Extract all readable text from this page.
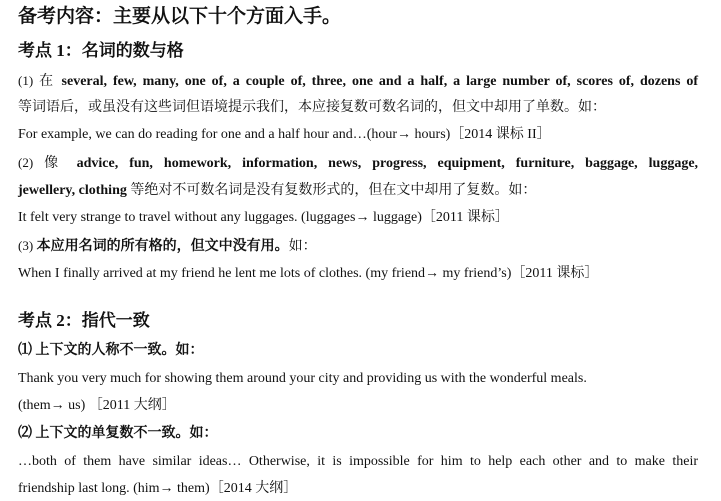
备考内容：主要从以下十个方面入手。
考点 1：名词的数与格
(1) 在 several, few, many, one of, a couple of, three, one and a half, a large number of, scores of, dozens of
等词语后，或虽没有这些词但语境提示我们，本应接复数可数名词的，但文中却用了单数。如：
For example, we can do reading for one and a half hour and…(hour→ hours)［2014 课标 II］
(2) 像 advice, fun, homework, information, news, progress, equipment, furniture, baggage, luggage,
jewellery, clothing 等绝对不可数名词是没有复数形式的，但在文中却用了复数。如：
It felt very strange to travel without any luggages. (luggages→ luggage)［2011 课标］
(3) 本应用名词的所有格的，但文中没有用。如：
When I finally arrived at my friend he lent me lots of clothes. (my friend→ my friend’s)［2011 课标］
考点 2：指代一致
⑴ 上下文的人称不一致。如：
Thank you very much for showing them around your city and providing us with the wonderful meals.
(them→ us) ［2011 大纲］
⑵ 上下文的单复数不一致。如：
…both of them have similar ideas… Otherwise, it is impossible for him to help each other and to make their
friendship last long. (him→ them)［2014 大纲］
